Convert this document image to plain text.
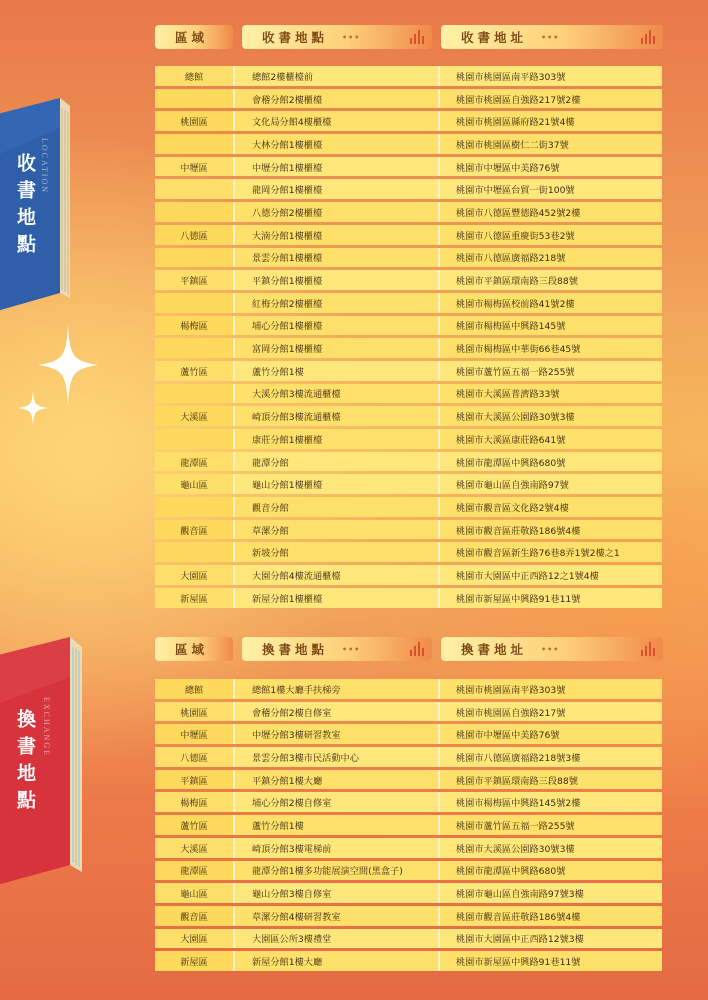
收書地點 LOCATION
換書地點 EXCHANGE
區域	收書地點 •••	收書地址 •••
總館	總館2樓櫃檯前	桃園市桃園區南平路303號
	會稽分館2樓櫃檯	桃園市桃園區自強路217號2樓
桃園區	文化局分館4樓櫃檯	桃園市桃園區縣府路21號4樓
	大林分館1樓櫃檯	桃園市桃園區樹仁二街37號
中壢區	中壢分館1樓櫃檯	桃園市中壢區中美路76號
	龍岡分館1樓櫃檯	桃園市中壢區台貿一街100號
	八德分館2樓櫃檯	桃園市八德區豐德路452號2樓
八德區	大湳分館1樓櫃檯	桃園市八德區重慶街53巷2號
	景雲分館1樓櫃檯	桃園市八德區廣福路218號
平鎮區	平鎮分館1樓櫃檯	桃園市平鎮區環南路三段88號
	紅梅分館2樓櫃檯	桃園市楊梅區校前路41號2樓
楊梅區	埔心分館1樓櫃檯	桃園市楊梅區中興路145號
	富岡分館1樓櫃檯	桃園市楊梅區中華街66巷45號
蘆竹區	蘆竹分館1樓	桃園市蘆竹區五福一路255號
	大溪分館3樓流通櫃檯	桃園市大溪區普濟路33號
大溪區	崎頂分館3樓流通櫃檯	桃園市大溪區公園路30號3樓
	康莊分館1樓櫃檯	桃園市大溪區康莊路641號
龍潭區	龍潭分館	桃園市龍潭區中興路680號
龜山區	龜山分館1樓櫃檯	桃園市龜山區自強南路97號
	觀音分館	桃園市觀音區文化路2號4樓
觀音區	草漯分館	桃園市觀音區莊敬路186號4樓
	新坡分館	桃園市觀音區新生路76巷8弄1號2樓之1
大園區	大園分館4樓流通櫃檯	桃園市大園區中正西路12之1號4樓
新屋區	新屋分館1樓櫃檯	桃園市新屋區中興路91巷11號
區域	換書地點 •••	換書地址 •••
總館	總館1樓大廳手扶梯旁	桃園市桃園區南平路303號
桃園區	會稽分館2樓自修室	桃園市桃園區自強路217號
中壢區	中壢分館3樓研習教室	桃園市中壢區中美路76號
八德區	景雲分館3樓市民活動中心	桃園市八德區廣福路218號3樓
平鎮區	平鎮分館1樓大廳	桃園市平鎮區環南路三段88號
楊梅區	埔心分館2樓自修室	桃園市楊梅區中興路145號2樓
蘆竹區	蘆竹分館1樓	桃園市蘆竹區五福一路255號
大溪區	崎頂分館3樓電梯前	桃園市大溪區公園路30號3樓
龍潭區	龍潭分館1樓多功能展演空間(黑盒子)	桃園市龍潭區中興路680號
龜山區	龜山分館3樓自修室	桃園市龜山區自強南路97號3樓
觀音區	草漯分館4樓研習教室	桃園市觀音區莊敬路186號4樓
大園區	大園區公所3樓禮堂	桃園市大園區中正西路12號3樓
新屋區	新屋分館1樓大廳	桃園市新屋區中興路91巷11號
